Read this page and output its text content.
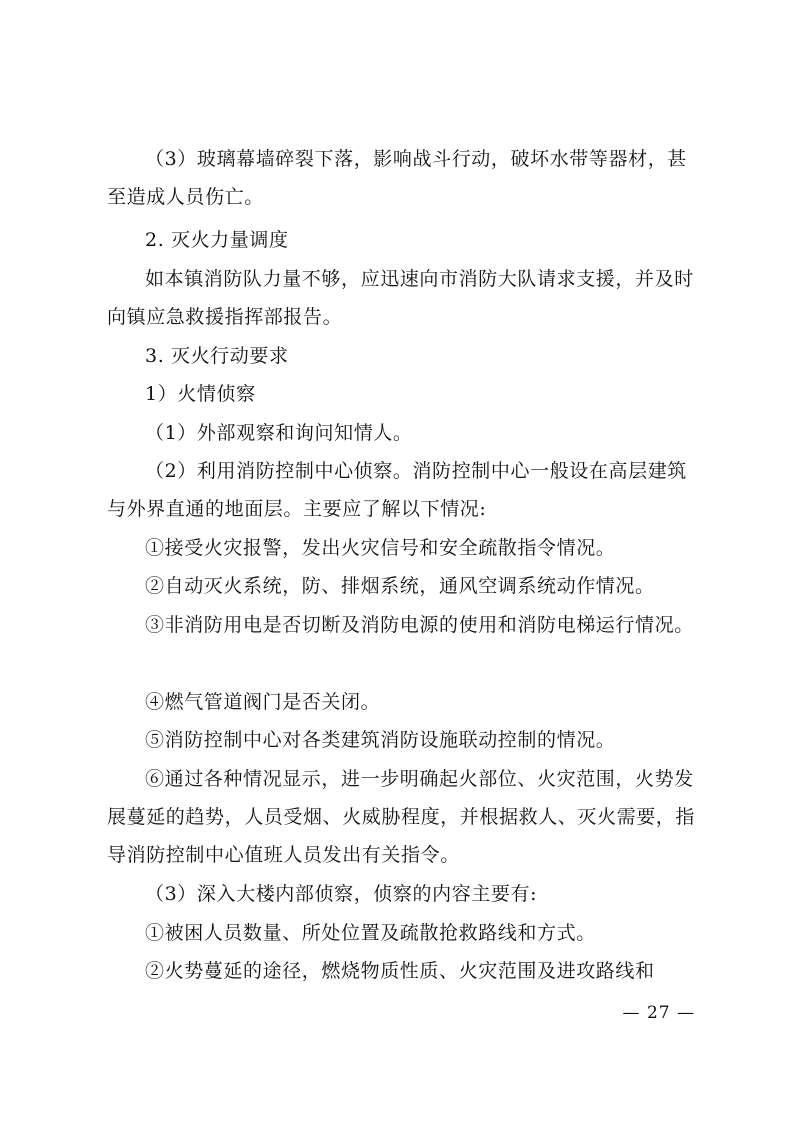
（3）玻璃幕墙碎裂下落，影响战斗行动，破坏水带等器材，甚至造成人员伤亡。

2. 灭火力量调度

如本镇消防队力量不够，应迅速向市消防大队请求支援，并及时向镇应急救援指挥部报告。

3. 灭火行动要求

1）火情侦察

（1）外部观察和询问知情人。

（2）利用消防控制中心侦察。消防控制中心一般设在高层建筑与外界直通的地面层。主要应了解以下情况:

①接受火灾报警，发出火灾信号和安全疏散指令情况。

②自动灭火系统，防、排烟系统，通风空调系统动作情况。

③非消防用电是否切断及消防电源的使用和消防电梯运行情况。

④燃气管道阀门是否关闭。

⑤消防控制中心对各类建筑消防设施联动控制的情况。

⑥通过各种情况显示，进一步明确起火部位、火灾范围，火势发展蔓延的趋势，人员受烟、火威胁程度，并根据救人、灭火需要，指导消防控制中心值班人员发出有关指令。

（3）深入大楼内部侦察，侦察的内容主要有:

①被困人员数量、所处位置及疏散抢救路线和方式。

②火势蔓延的途径，燃烧物质性质、火灾范围及进攻路线和

— 27 —
